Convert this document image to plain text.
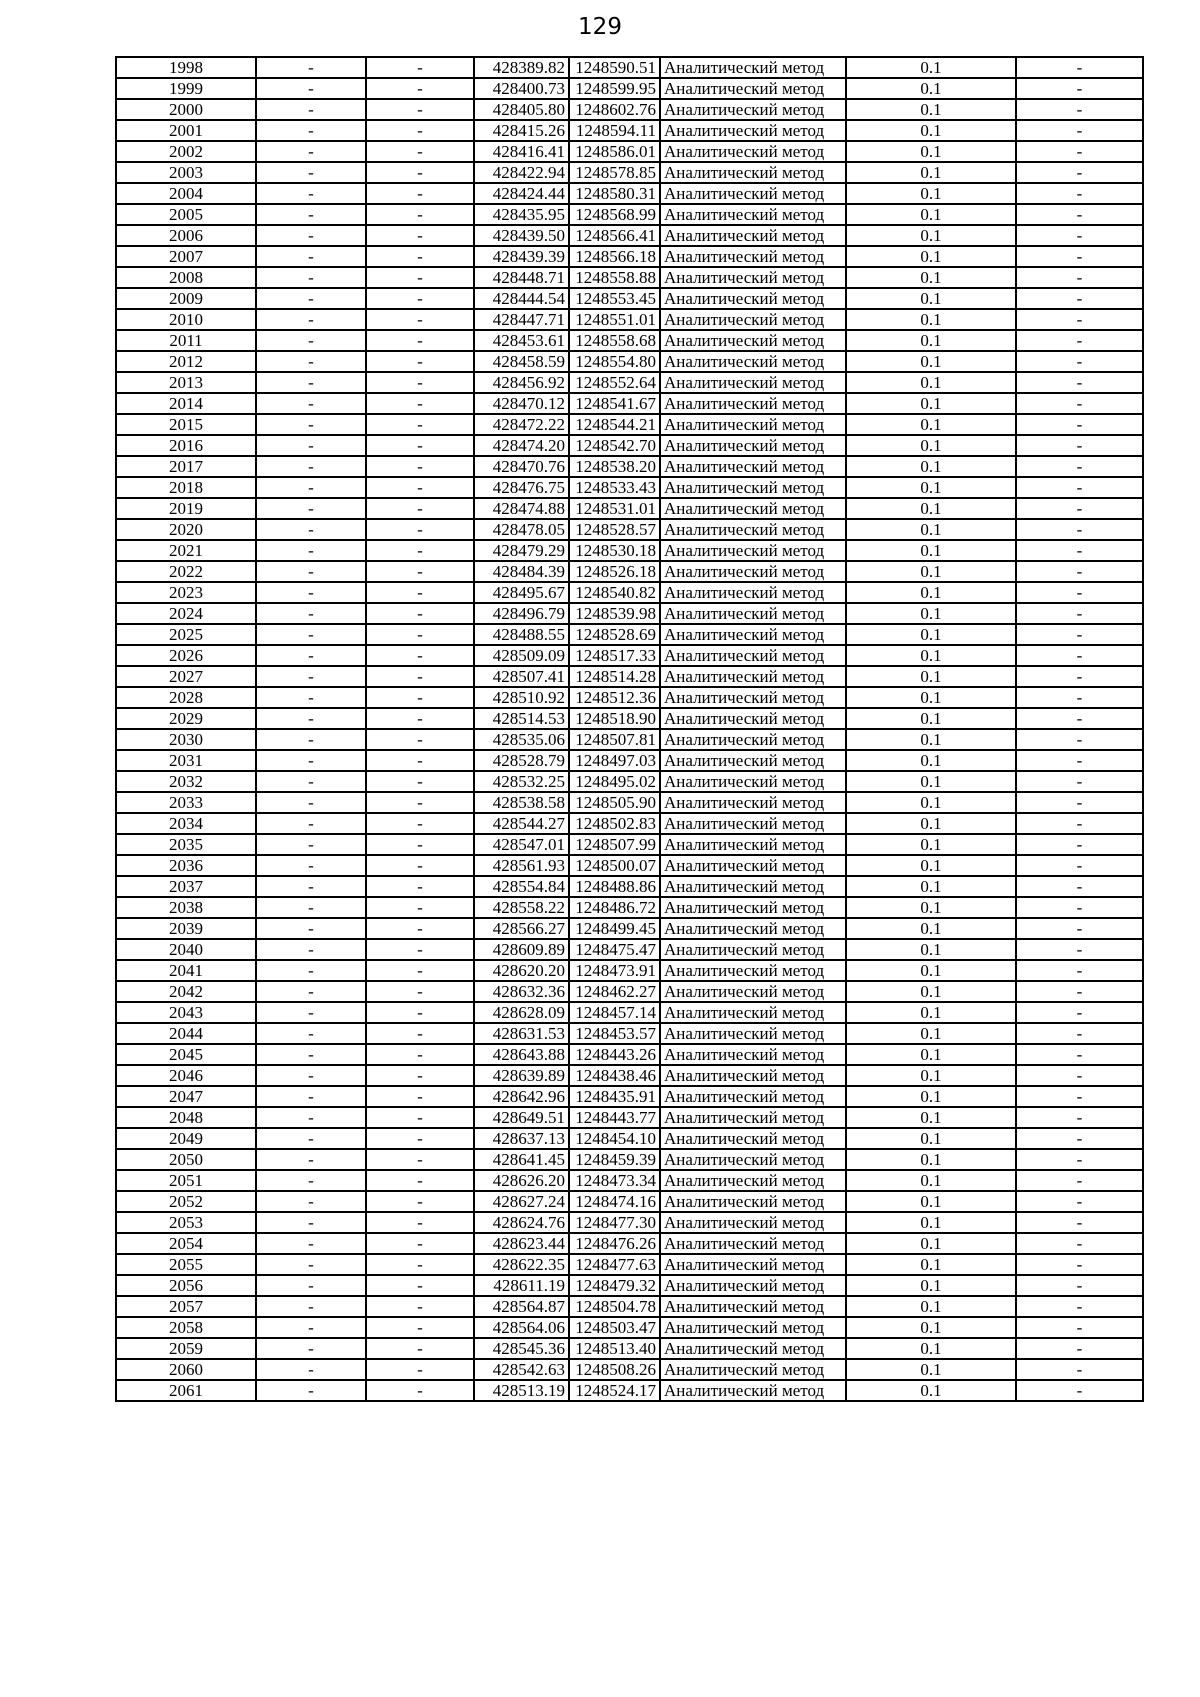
129
1998	-	-	428389.82	1248590.51	Аналитический метод	0.1	-
1999	-	-	428400.73	1248599.95	Аналитический метод	0.1	-
2000	-	-	428405.80	1248602.76	Аналитический метод	0.1	-
2001	-	-	428415.26	1248594.11	Аналитический метод	0.1	-
2002	-	-	428416.41	1248586.01	Аналитический метод	0.1	-
2003	-	-	428422.94	1248578.85	Аналитический метод	0.1	-
2004	-	-	428424.44	1248580.31	Аналитический метод	0.1	-
2005	-	-	428435.95	1248568.99	Аналитический метод	0.1	-
2006	-	-	428439.50	1248566.41	Аналитический метод	0.1	-
2007	-	-	428439.39	1248566.18	Аналитический метод	0.1	-
2008	-	-	428448.71	1248558.88	Аналитический метод	0.1	-
2009	-	-	428444.54	1248553.45	Аналитический метод	0.1	-
2010	-	-	428447.71	1248551.01	Аналитический метод	0.1	-
2011	-	-	428453.61	1248558.68	Аналитический метод	0.1	-
2012	-	-	428458.59	1248554.80	Аналитический метод	0.1	-
2013	-	-	428456.92	1248552.64	Аналитический метод	0.1	-
2014	-	-	428470.12	1248541.67	Аналитический метод	0.1	-
2015	-	-	428472.22	1248544.21	Аналитический метод	0.1	-
2016	-	-	428474.20	1248542.70	Аналитический метод	0.1	-
2017	-	-	428470.76	1248538.20	Аналитический метод	0.1	-
2018	-	-	428476.75	1248533.43	Аналитический метод	0.1	-
2019	-	-	428474.88	1248531.01	Аналитический метод	0.1	-
2020	-	-	428478.05	1248528.57	Аналитический метод	0.1	-
2021	-	-	428479.29	1248530.18	Аналитический метод	0.1	-
2022	-	-	428484.39	1248526.18	Аналитический метод	0.1	-
2023	-	-	428495.67	1248540.82	Аналитический метод	0.1	-
2024	-	-	428496.79	1248539.98	Аналитический метод	0.1	-
2025	-	-	428488.55	1248528.69	Аналитический метод	0.1	-
2026	-	-	428509.09	1248517.33	Аналитический метод	0.1	-
2027	-	-	428507.41	1248514.28	Аналитический метод	0.1	-
2028	-	-	428510.92	1248512.36	Аналитический метод	0.1	-
2029	-	-	428514.53	1248518.90	Аналитический метод	0.1	-
2030	-	-	428535.06	1248507.81	Аналитический метод	0.1	-
2031	-	-	428528.79	1248497.03	Аналитический метод	0.1	-
2032	-	-	428532.25	1248495.02	Аналитический метод	0.1	-
2033	-	-	428538.58	1248505.90	Аналитический метод	0.1	-
2034	-	-	428544.27	1248502.83	Аналитический метод	0.1	-
2035	-	-	428547.01	1248507.99	Аналитический метод	0.1	-
2036	-	-	428561.93	1248500.07	Аналитический метод	0.1	-
2037	-	-	428554.84	1248488.86	Аналитический метод	0.1	-
2038	-	-	428558.22	1248486.72	Аналитический метод	0.1	-
2039	-	-	428566.27	1248499.45	Аналитический метод	0.1	-
2040	-	-	428609.89	1248475.47	Аналитический метод	0.1	-
2041	-	-	428620.20	1248473.91	Аналитический метод	0.1	-
2042	-	-	428632.36	1248462.27	Аналитический метод	0.1	-
2043	-	-	428628.09	1248457.14	Аналитический метод	0.1	-
2044	-	-	428631.53	1248453.57	Аналитический метод	0.1	-
2045	-	-	428643.88	1248443.26	Аналитический метод	0.1	-
2046	-	-	428639.89	1248438.46	Аналитический метод	0.1	-
2047	-	-	428642.96	1248435.91	Аналитический метод	0.1	-
2048	-	-	428649.51	1248443.77	Аналитический метод	0.1	-
2049	-	-	428637.13	1248454.10	Аналитический метод	0.1	-
2050	-	-	428641.45	1248459.39	Аналитический метод	0.1	-
2051	-	-	428626.20	1248473.34	Аналитический метод	0.1	-
2052	-	-	428627.24	1248474.16	Аналитический метод	0.1	-
2053	-	-	428624.76	1248477.30	Аналитический метод	0.1	-
2054	-	-	428623.44	1248476.26	Аналитический метод	0.1	-
2055	-	-	428622.35	1248477.63	Аналитический метод	0.1	-
2056	-	-	428611.19	1248479.32	Аналитический метод	0.1	-
2057	-	-	428564.87	1248504.78	Аналитический метод	0.1	-
2058	-	-	428564.06	1248503.47	Аналитический метод	0.1	-
2059	-	-	428545.36	1248513.40	Аналитический метод	0.1	-
2060	-	-	428542.63	1248508.26	Аналитический метод	0.1	-
2061	-	-	428513.19	1248524.17	Аналитический метод	0.1	-
